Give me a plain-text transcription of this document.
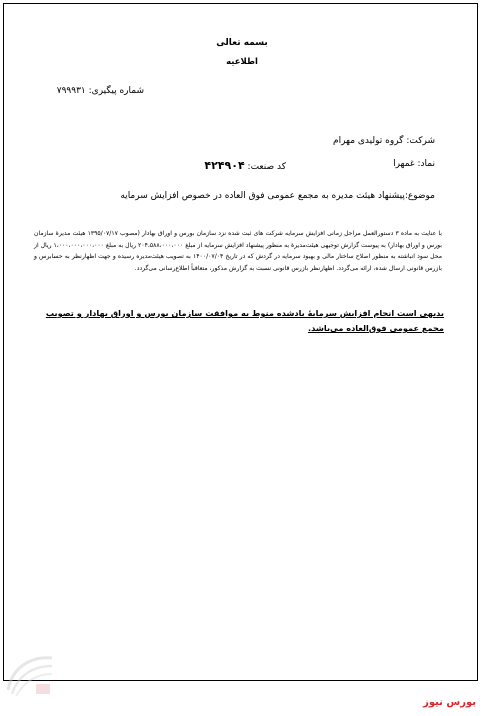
بسمه تعالی
اطلاعیه
شماره پیگیری: ۷۹۹۹۳۱
شرکت: گروه تولیدی مهرام
نماد: غمهرا
کد صنعت: ۴۲۴۹۰۴
موضوع:پیشنهاد هیئت مدیره به مجمع عمومی فوق العاده در خصوص افزایش سرمایه
با عنایت به ماده ۳ دستورالعمل مراحل زمانی افزایش سرمایه شرکت های ثبت شده نزد سازمان بورس و اوراق بهادار (مصوب ۱۳۹۵/۰۷/۱۷ هیئت مدیرهٔ سازمان بورس و اوراق بهادار) به پیوست گزارش توجیهی هیئت‌مدیرهٔ به منظور پیشنهاد افزایش سرمایه از مبلغ ۲۰۴،۵۸۸،۰۰۰،۰۰۰ ریال به مبلغ ۱،۰۰۰،۰۰۰،۰۰۰،۰۰۰ ریال از محل سود انباشته به منظور اصلاح ساختار مالی و بهبود سرمایه در گردش که در تاریخ ۱۴۰۰/۰۷/۰۴ به تصویب هیئت‌مدیره رسیده و جهت اظهارنظر به حسابرس و بازرس قانونی ارسال شده، ارائه می‌گردد. اظهارنظر بازرس قانونی نسبت به گزارش مذکور، متعاقباً اطلاع‌رسانی می‌گردد.
بدیهی است انجام افزایش سرمایهٔ یادشده منوط به موافقت سازمان بورس و اوراق بهادار و تصویب مجمع عمومی فوق‌العاده می‌باشد.
بورس نیوز
